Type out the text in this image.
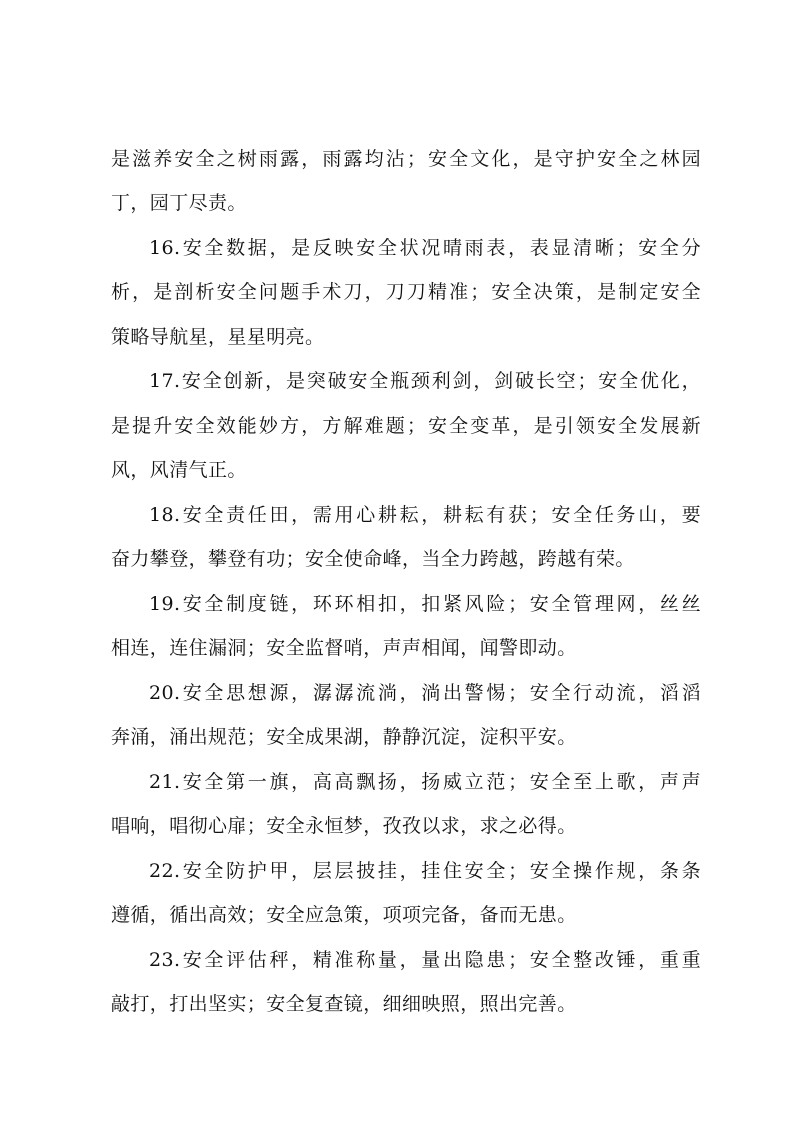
是滋养安全之树雨露，雨露均沾；安全文化，是守护安全之林园
丁，园丁尽责。
16.安全数据，是反映安全状况晴雨表，表显清晰；安全分
析，是剖析安全问题手术刀，刀刀精准；安全决策，是制定安全
策略导航星，星星明亮。
17.安全创新，是突破安全瓶颈利剑，剑破长空；安全优化，
是提升安全效能妙方，方解难题；安全变革，是引领安全发展新
风，风清气正。
18.安全责任田，需用心耕耘，耕耘有获；安全任务山，要
奋力攀登，攀登有功；安全使命峰，当全力跨越，跨越有荣。
19.安全制度链，环环相扣，扣紧风险；安全管理网，丝丝
相连，连住漏洞；安全监督哨，声声相闻，闻警即动。
20.安全思想源，潺潺流淌，淌出警惕；安全行动流，滔滔
奔涌，涌出规范；安全成果湖，静静沉淀，淀积平安。
21.安全第一旗，高高飘扬，扬威立范；安全至上歌，声声
唱响，唱彻心扉；安全永恒梦，孜孜以求，求之必得。
22.安全防护甲，层层披挂，挂住安全；安全操作规，条条
遵循，循出高效；安全应急策，项项完备，备而无患。
23.安全评估秤，精准称量，量出隐患；安全整改锤，重重
敲打，打出坚实；安全复查镜，细细映照，照出完善。
